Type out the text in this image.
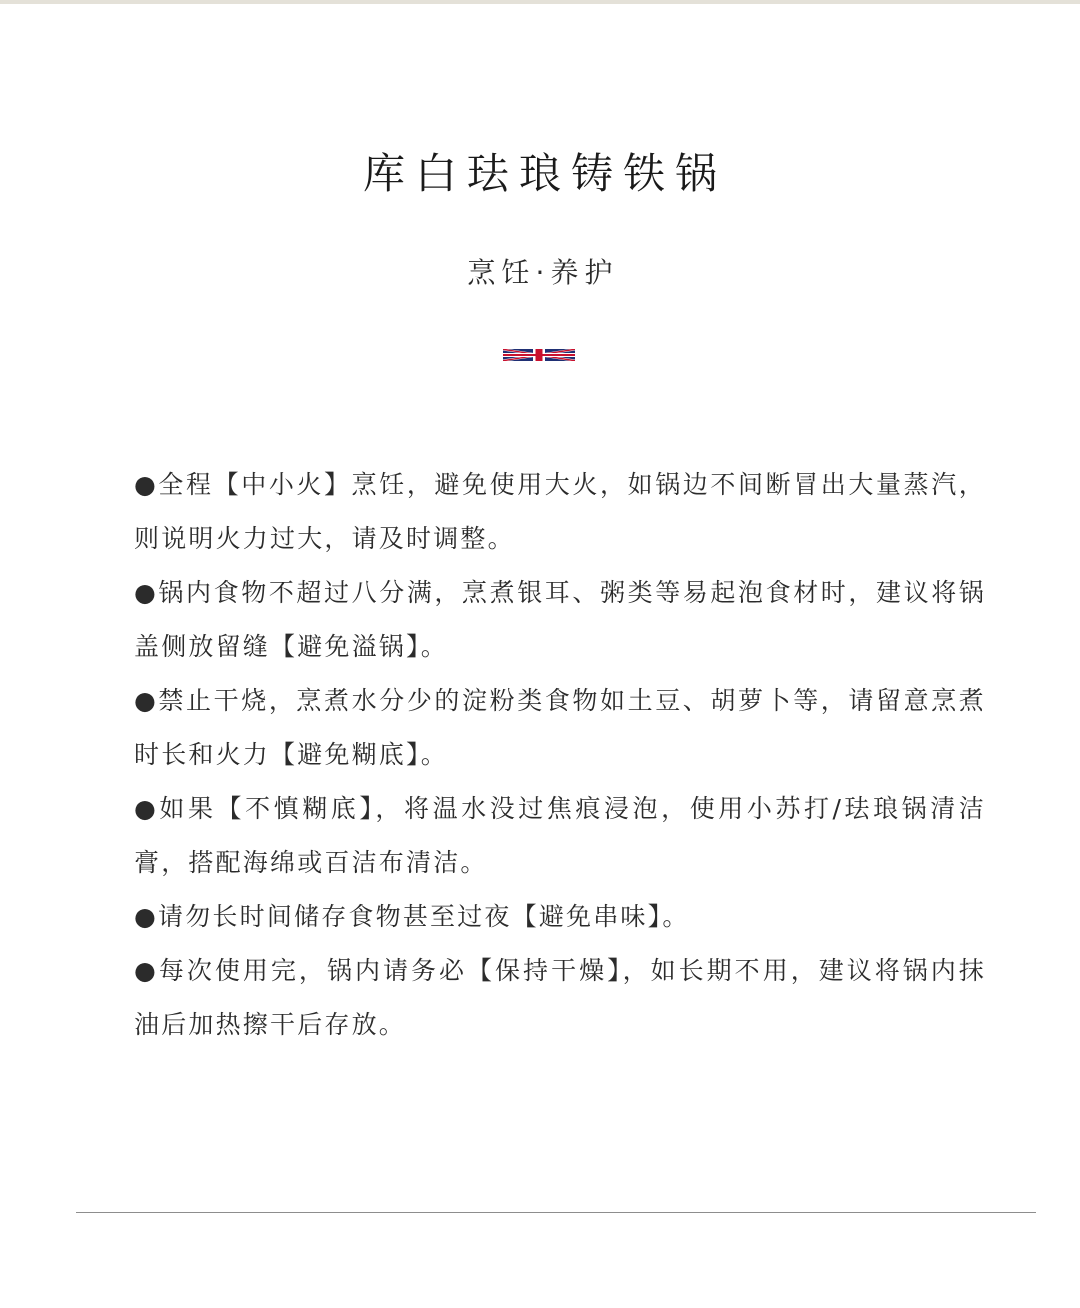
库白珐琅铸铁锅
烹饪·养护
●全程【中小火】烹饪，避免使用大火，如锅边不间断冒出大量蒸汽，则说明火力过大，请及时调整。
●锅内食物不超过八分满，烹煮银耳、粥类等易起泡食材时，建议将锅盖侧放留缝【避免溢锅】。
●禁止干烧，烹煮水分少的淀粉类食物如土豆、胡萝卜等，请留意烹煮时长和火力【避免糊底】。
●如果【不慎糊底】，将温水没过焦痕浸泡，使用小苏打/珐琅锅清洁膏，搭配海绵或百洁布清洁。
●请勿长时间储存食物甚至过夜【避免串味】。
●每次使用完，锅内请务必【保持干燥】，如长期不用，建议将锅内抹油后加热擦干后存放。
